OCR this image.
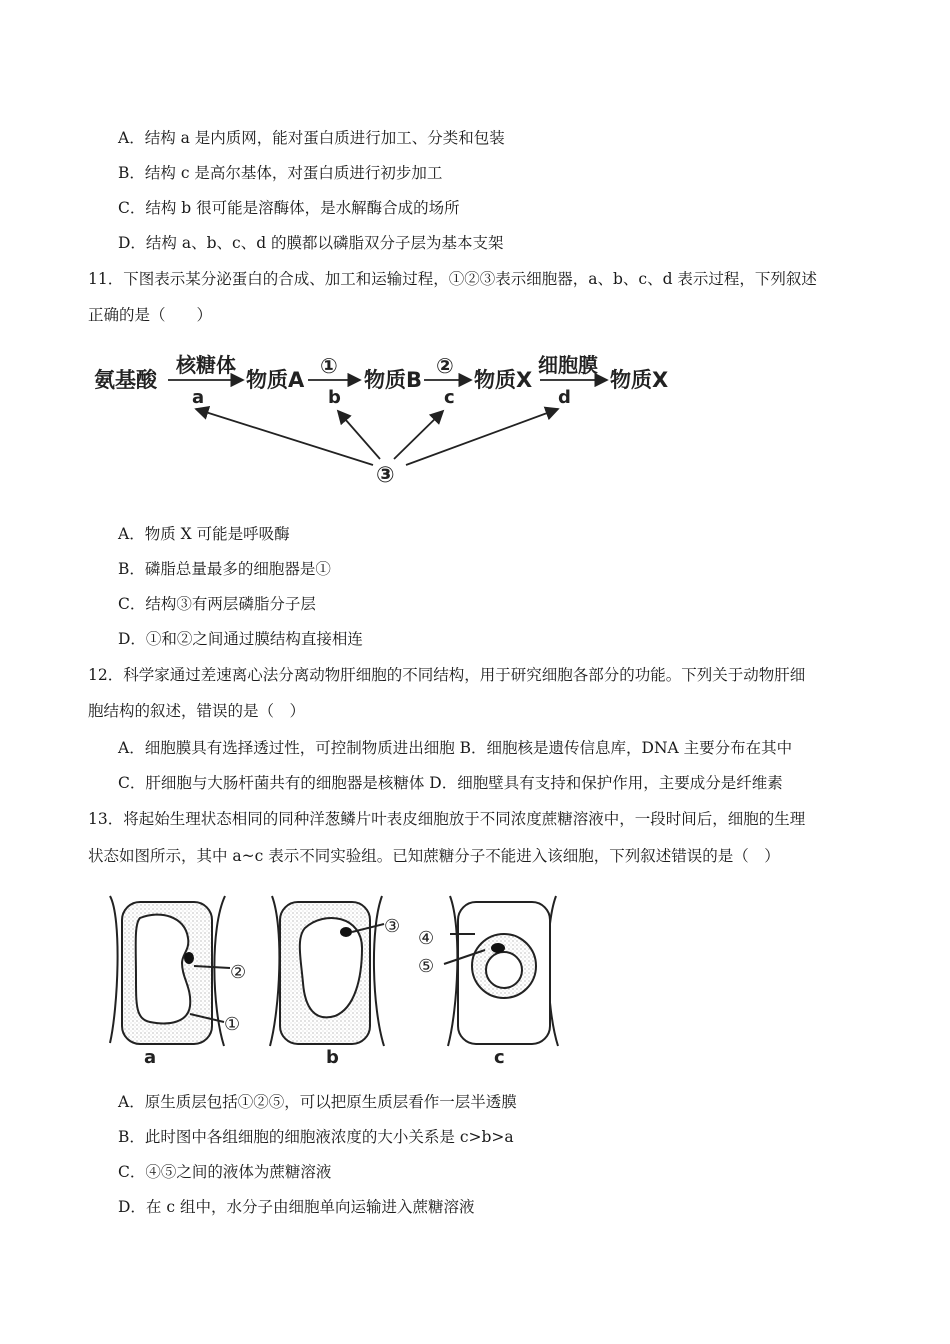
A．结构 a 是内质网，能对蛋白质进行加工、分类和包装
B．结构 c 是高尔基体，对蛋白质进行初步加工
C．结构 b 很可能是溶酶体，是水解酶合成的场所
D．结构 a、b、c、d 的膜都以磷脂双分子层为基本支架
11．下图表示某分泌蛋白的合成、加工和运输过程，①②③表示细胞器，a、b、c、d 表示过程，下列叙述
正确的是（　　）
氨基酸
核糖体
a
物质A
①
b
物质B
②
c
物质X
细胞膜
d
物质X
③
A．物质 X 可能是呼吸酶
B．磷脂总量最多的细胞器是①
C．结构③有两层磷脂分子层
D．①和②之间通过膜结构直接相连
12．科学家通过差速离心法分离动物肝细胞的不同结构，用于研究细胞各部分的功能。下列关于动物肝细
胞结构的叙述，错误的是（　）
A．细胞膜具有选择透过性，可控制物质进出细胞 B．细胞核是遗传信息库，DNA 主要分布在其中
C．肝细胞与大肠杆菌共有的细胞器是核糖体 D．细胞壁具有支持和保护作用，主要成分是纤维素
13．将起始生理状态相同的同种洋葱鳞片叶表皮细胞放于不同浓度蔗糖溶液中，一段时间后，细胞的生理
状态如图所示，其中 a~c 表示不同实验组。已知蔗糖分子不能进入该细胞，下列叙述错误的是（　）
②
①
③
④
⑤
a	b	c
A．原生质层包括①②⑤，可以把原生质层看作一层半透膜
B．此时图中各组细胞的细胞液浓度的大小关系是 c>b>a
C．④⑤之间的液体为蔗糖溶液
D．在 c 组中，水分子由细胞单向运输进入蔗糖溶液
